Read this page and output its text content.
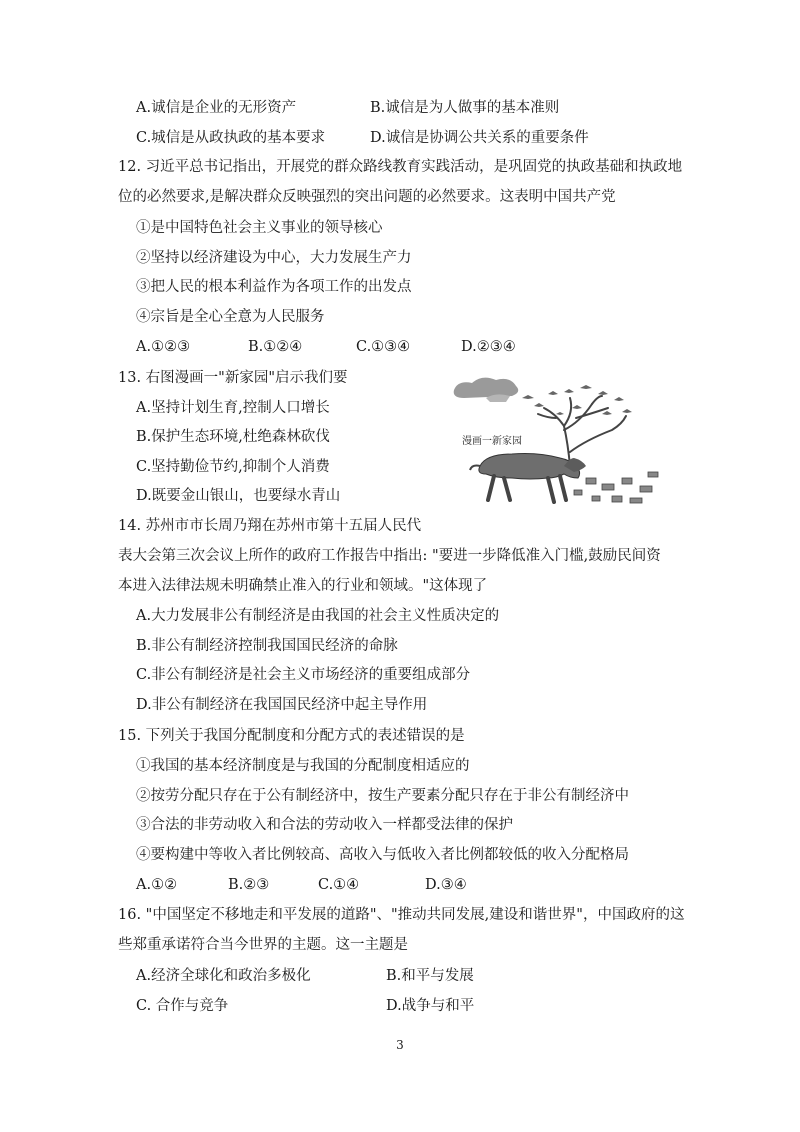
A.诚信是企业的无形资产	B.诚信是为人做事的基本准则
C.城信是从政执政的基本要求	D.诚信是协调公共关系的重要条件
12. 习近平总书记指出，开展党的群众路线教育实践活动，是巩固党的执政基础和执政地
位的必然要求,是解决群众反映强烈的突出问题的必然要求。这表明中国共产党
①是中国特色社会主义事业的领导核心
②坚持以经济建设为中心，大力发展生产力
③把人民的根本利益作为各项工作的出发点
④宗旨是全心全意为人民服务
A.①②③	B.①②④	C.①③④	D.②③④
13. 右图漫画一"新家园"启示我们要
A.坚持计划生育,控制人口增长
B.保护生态环境,杜绝森林砍伐
C.坚持勤俭节约,抑制个人消费
D.既要金山银山，也要绿水青山
漫画一新家园
14. 苏州市市长周乃翔在苏州市第十五届人民代
表大会第三次会议上所作的政府工作报告中指出: "要进一步降低准入门槛,鼓励民间资
本进入法律法规未明确禁止准入的行业和领域。"这体现了
A.大力发展非公有制经济是由我国的社会主义性质决定的
B.非公有制经济控制我国国民经济的命脉
C.非公有制经济是社会主义市场经济的重要组成部分
D.非公有制经济在我国国民经济中起主导作用
15. 下列关于我国分配制度和分配方式的表述错误的是
①我国的基本经济制度是与我国的分配制度相适应的
②按劳分配只存在于公有制经济中，按生产要素分配只存在于非公有制经济中
③合法的非劳动收入和合法的劳动收入一样都受法律的保护
④要构建中等收入者比例较高、高收入与低收入者比例都较低的收入分配格局
A.①②	B.②③	C.①④	D.③④
16. "中国坚定不移地走和平发展的道路"、"推动共同发展,建设和谐世界"，中国政府的这
些郑重承诺符合当今世界的主题。这一主题是
A.经济全球化和政治多极化	B.和平与发展
C. 合作与竞争	D.战争与和平
3
